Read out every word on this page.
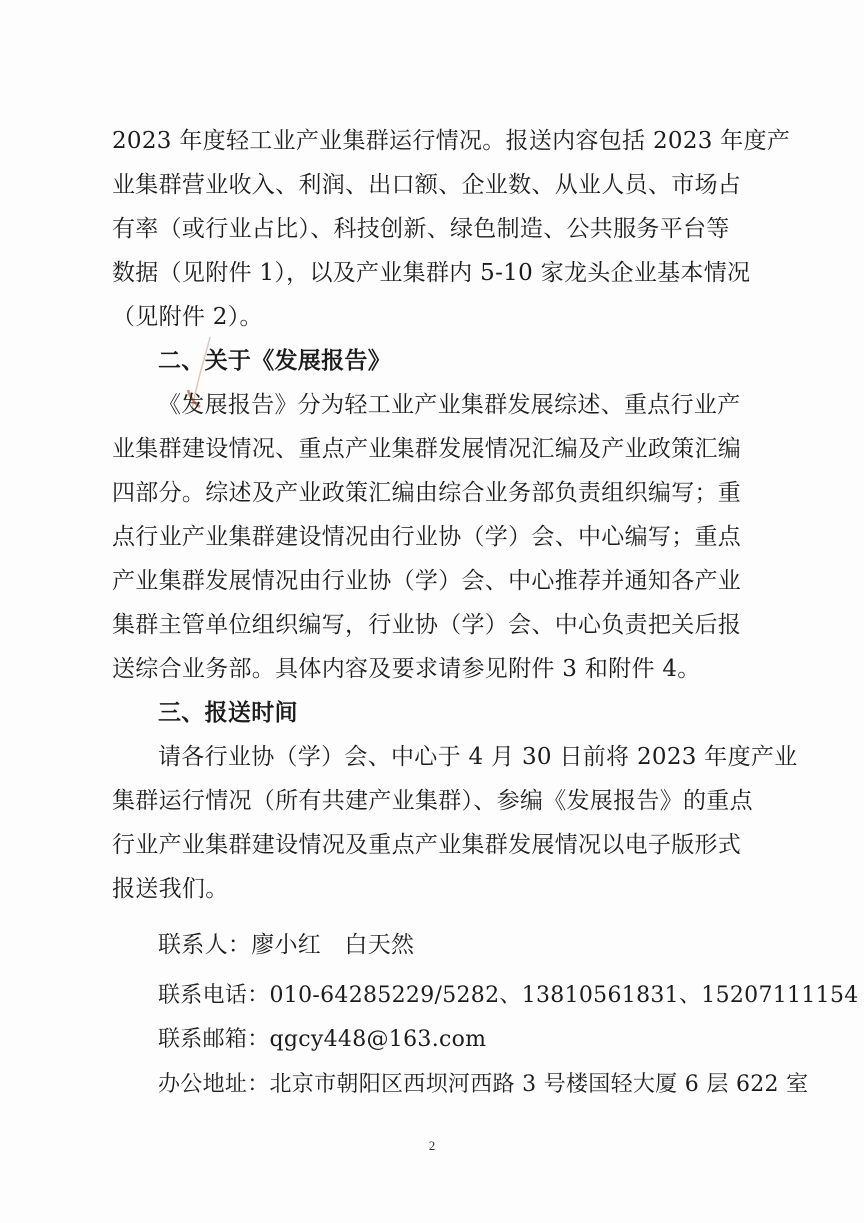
2023 年度轻工业产业集群运行情况。报送内容包括 2023 年度产
业集群营业收入、利润、出口额、企业数、从业人员、市场占
有率（或行业占比）、科技创新、绿色制造、公共服务平台等
数据（见附件 1），以及产业集群内 5-10 家龙头企业基本情况
（见附件 2）。
二、关于《发展报告》
《发展报告》分为轻工业产业集群发展综述、重点行业产
业集群建设情况、重点产业集群发展情况汇编及产业政策汇编
四部分。综述及产业政策汇编由综合业务部负责组织编写；重
点行业产业集群建设情况由行业协（学）会、中心编写；重点
产业集群发展情况由行业协（学）会、中心推荐并通知各产业
集群主管单位组织编写，行业协（学）会、中心负责把关后报
送综合业务部。具体内容及要求请参见附件 3 和附件 4。
三、报送时间
请各行业协（学）会、中心于 4 月 30 日前将 2023 年度产业
集群运行情况（所有共建产业集群）、参编《发展报告》的重点
行业产业集群建设情况及重点产业集群发展情况以电子版形式
报送我们。
联系人：廖小红　白天然
联系电话：010-64285229/5282、13810561831、15207111154
联系邮箱：qgcy448@163.com
办公地址：北京市朝阳区西坝河西路 3 号楼国轻大厦 6 层 622 室
2
